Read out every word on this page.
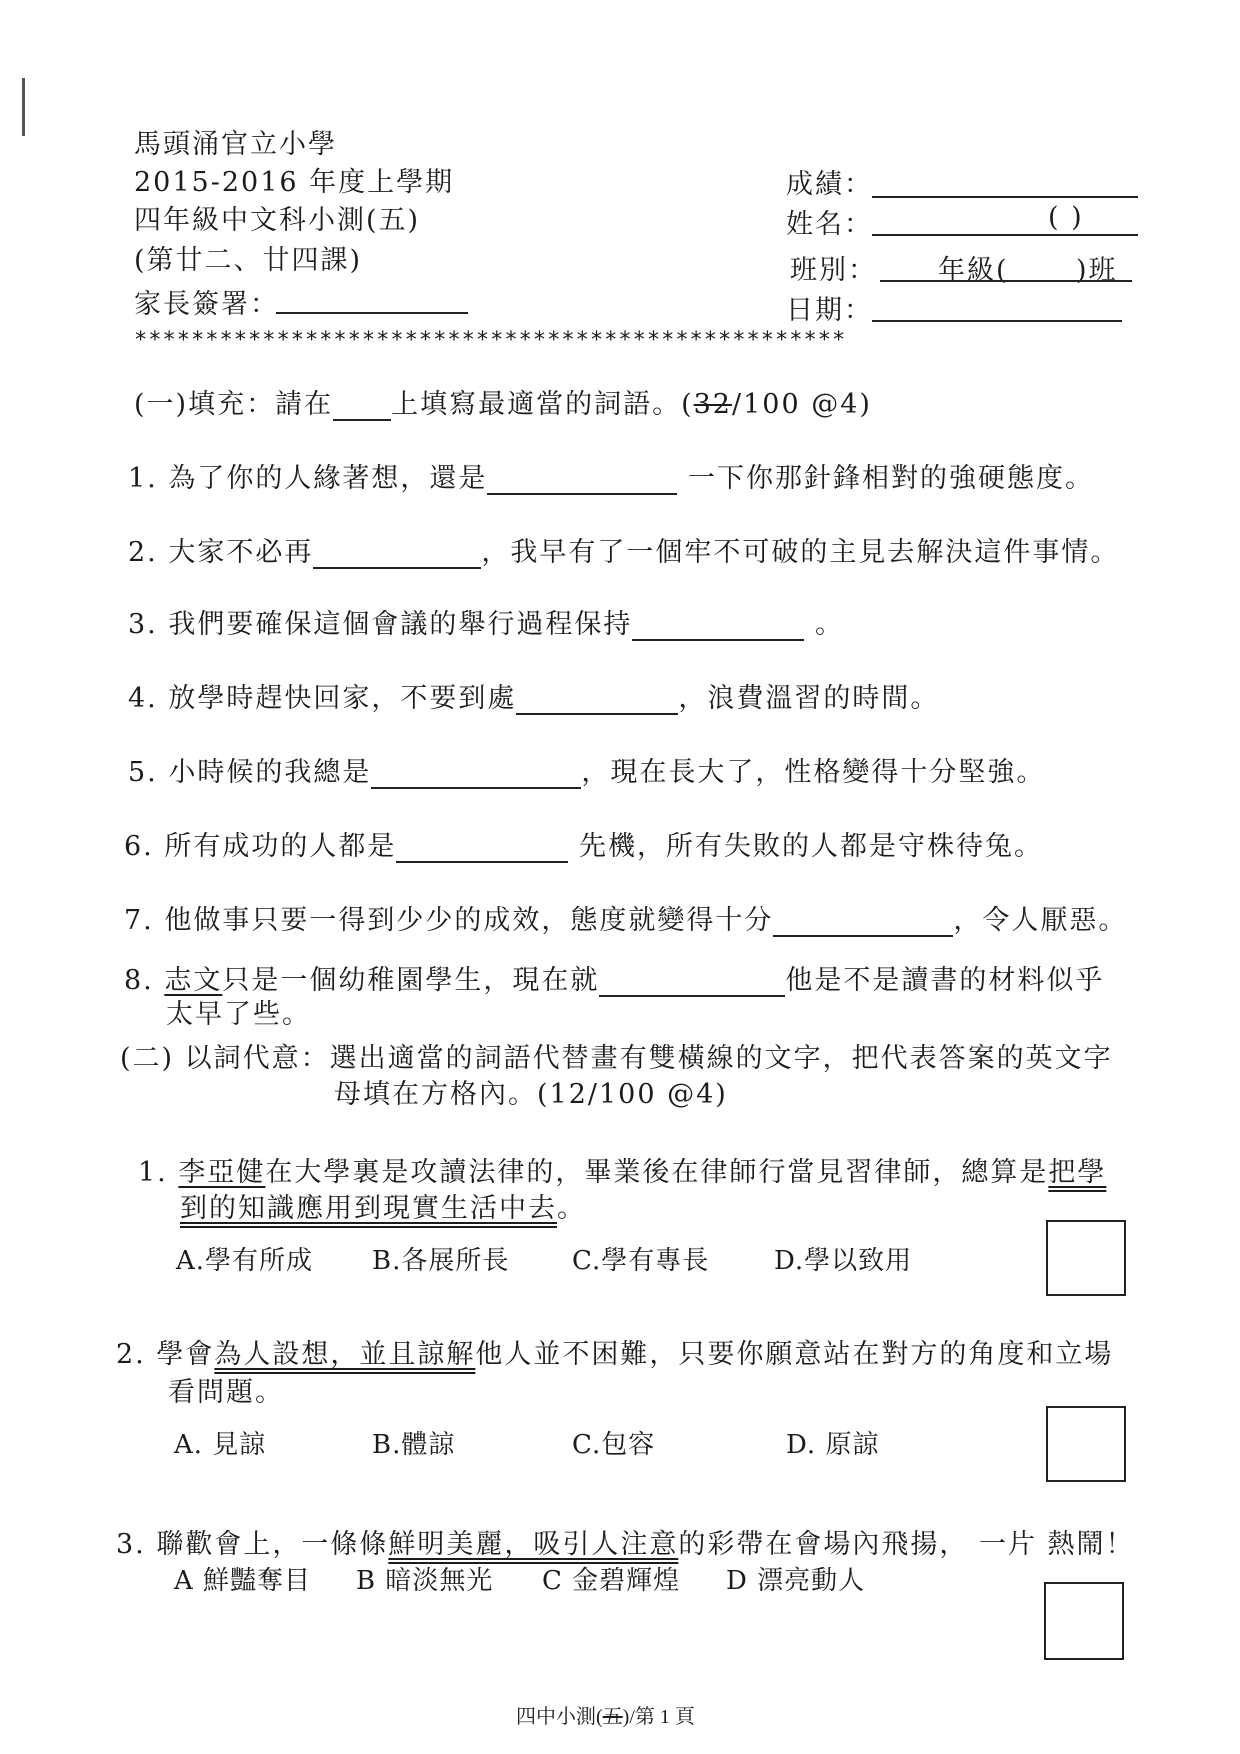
馬頭涌官立小學
2015-2016 年度上學期
四年級中文科小測(五)
(第廿二、廿四課)
家長簽署：
成績：
姓名：	( )
班別： 年級( )班
日期：
**************************************************
(一)填充：請在 上填寫最適當的詞語。(32/100 @4)
1. 為了你的人緣著想，還是	一下你那針鋒相對的強硬態度。
2. 大家不必再	，我早有了一個牢不可破的主見去解決這件事情。
3. 我們要確保這個會議的舉行過程保持	。
4. 放學時趕快回家，不要到處	，浪費溫習的時間。
5. 小時候的我總是	，現在長大了，性格變得十分堅強。
6. 所有成功的人都是	先機，所有失敗的人都是守株待兔。
7. 他做事只要一得到少少的成效，態度就變得十分	，令人厭惡。
8. 志文只是一個幼稚園學生，現在就	他是不是讀書的材料似乎
太早了些。
(二) 以詞代意：選出適當的詞語代替畫有雙橫線的文字，把代表答案的英文字
母填在方格內。(12/100 @4)
1. 李亞健在大學裏是攻讀法律的，畢業後在律師行當見習律師，總算是把學
到的知識應用到現實生活中去。
A.學有所成 B.各展所長 C.學有專長 D.學以致用
2. 學會為人設想，並且諒解他人並不困難，只要你願意站在對方的角度和立場
看問題。
A. 見諒	B.體諒	C.包容	D. 原諒
3. 聯歡會上，一條條鮮明美麗，吸引人注意的彩帶在會場內飛揚， 一片 熱鬧！
A 鮮豔奪目 B 暗淡無光 C 金碧輝煌 D 漂亮動人
四中小測(五)/第 1 頁
